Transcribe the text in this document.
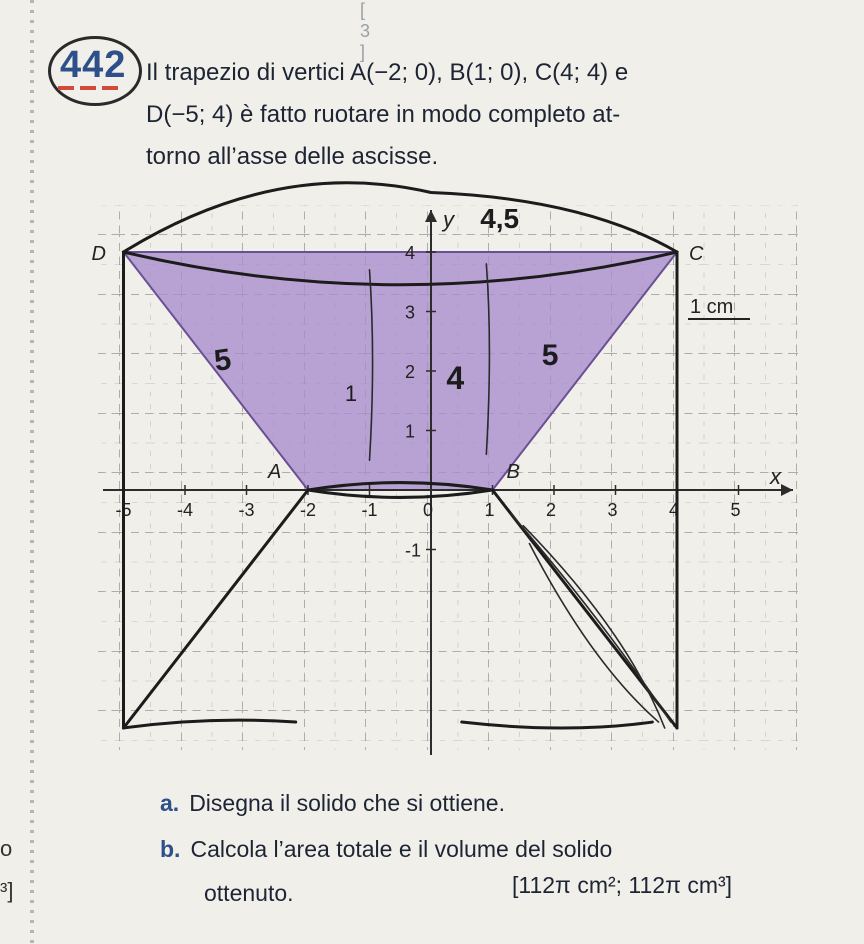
[ 3 ]
442 Il trapezio di vertici A(−2; 0), B(1; 0), C(4; 4) e
D(−5; 4) è fatto ruotare in modo completo at-
torno all’asse delle ascisse.
x
y
-5	-4	-3	-2	-1	0	1	2	3	4	5
4
3
2
1
-1
A	B
C
D
1 cm
5	5
4
4,5
1
a. Disegna il solido che si ottiene.
b. Calcola l’area totale e il volume del solido
ottenuto.	[112π cm²; 112π cm³]
o
³]
